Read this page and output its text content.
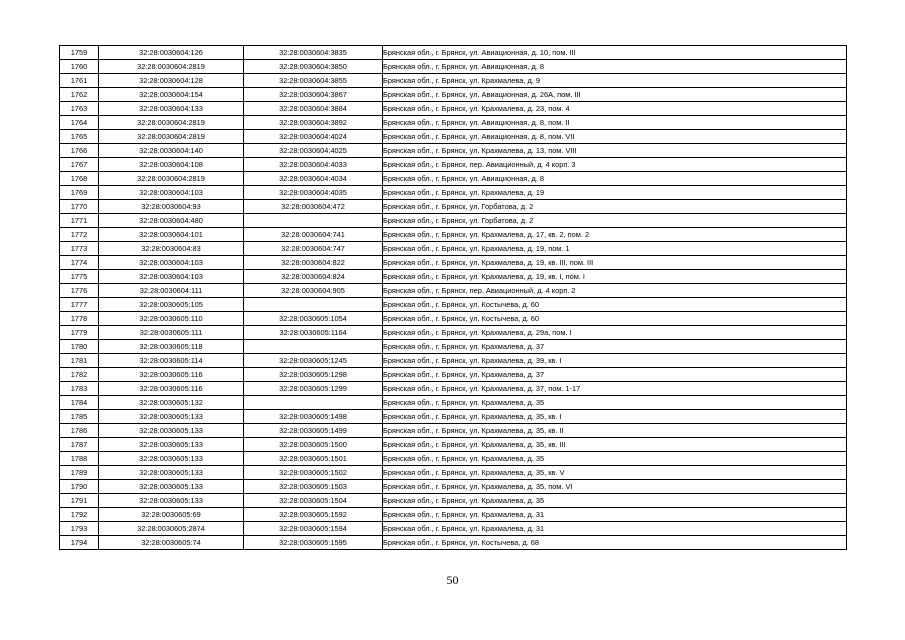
1759	32:28:0030604:126	32:28:0030604:3835	Брянская обл., г. Брянск, ул. Авиационная, д. 10, пом. III
1760	32:28:0030604:2819	32:28:0030604:3850	Брянская обл., г. Брянск, ул. Авиационная, д. 8
1761	32:28:0030604:128	32:28:0030604:3855	Брянская обл., г. Брянск, ул. Крахмалева, д. 9
1762	32:28:0030604:154	32:28:0030604:3867	Брянская обл., г. Брянск, ул. Авиационная, д. 26А, пом. III
1763	32:28:0030604:133	32:28:0030604:3884	Брянская обл., г. Брянск, ул. Крахмалева, д. 23, пом. 4
1764	32:28:0030604:2819	32:28:0030604:3892	Брянская обл., г. Брянск, ул. Авиационная, д. 8, пом. II
1765	32:28:0030604:2819	32:28:0030604:4024	Брянская обл., г. Брянск, ул. Авиационная, д. 8, пом. VII
1766	32:28:0030604:140	32:28:0030604:4025	Брянская обл., г. Брянск, ул. Крахмалева, д. 13, пом. VIII
1767	32:28:0030604:108	32:28:0030604:4033	Брянская обл., г. Брянск, пер. Авиационный, д. 4 корп. 3
1768	32:28:0030604:2819	32:28:0030604:4034	Брянская обл., г. Брянск, ул. Авиационная, д. 8
1769	32:28:0030604:103	32:28:0030604:4035	Брянская обл., г. Брянск, ул. Крахмалева, д. 19
1770	32:28:0030604:93	32:28:0030604:472	Брянская обл., г. Брянск, ул. Горбатова, д. 2
1771	32:28:0030604:480		Брянская обл., г. Брянск, ул. Горбатова, д. 2
1772	32:28:0030604:101	32:28:0030604:741	Брянская обл., г. Брянск, ул. Крахмалева, д. 17, кв. 2, пом. 2
1773	32:28:0030604:83	32:28:0030604:747	Брянская обл., г. Брянск, ул. Крахмалева, д. 19, пом. 1
1774	32:28:0030604:103	32:28:0030604:822	Брянская обл., г. Брянск, ул. Крахмалева, д. 19, кв. III, пом. III
1775	32:28:0030604:103	32:28:0030604:824	Брянская обл., г. Брянск, ул. Крахмалева, д. 19, кв. I, пом. I
1776	32:28:0030604:111	32:28:0030604:905	Брянская обл., г. Брянск, пер. Авиационный, д. 4 корп. 2
1777	32:28:0030605:105		Брянская обл., г. Брянск, ул. Костычева, д. 60
1778	32:28:0030605:110	32:28:0030605:1054	Брянская обл., г. Брянск, ул. Костычева, д. 60
1779	32:28:0030605:111	32:28:0030605:1164	Брянская обл., г. Брянск, ул. Крахмалева, д. 29а, пом. I
1780	32:28:0030605:118		Брянская обл., г. Брянск, ул. Крахмалева, д. 37
1781	32:28:0030605:114	32:28:0030605:1245	Брянская обл., г. Брянск, ул. Крахмалева, д. 39, кв. I
1782	32:28:0030605:116	32:28:0030605:1298	Брянская обл., г. Брянск, ул. Крахмалева, д. 37
1783	32:28:0030605:116	32:28:0030605:1299	Брянская обл., г. Брянск, ул. Крахмалева, д. 37, пом. 1-17
1784	32:28:0030605:132		Брянская обл., г. Брянск, ул. Крахмалева, д. 35
1785	32:28:0030605:133	32:28:0030605:1498	Брянская обл., г. Брянск, ул. Крахмалева, д. 35, кв. I
1786	32:28:0030605:133	32:28:0030605:1499	Брянская обл., г. Брянск, ул. Крахмалева, д. 35, кв. II
1787	32:28:0030605:133	32:28:0030605:1500	Брянская обл., г. Брянск, ул. Крахмалева, д. 35, кв. III
1788	32:28:0030605:133	32:28:0030605:1501	Брянская обл., г. Брянск, ул. Крахмалева, д. 35
1789	32:28:0030605:133	32:28:0030605:1502	Брянская обл., г. Брянск, ул. Крахмалева, д. 35, кв. V
1790	32:28:0030605:133	32:28:0030605:1503	Брянская обл., г. Брянск, ул. Крахмалева, д. 35, пом. VI
1791	32:28:0030605:133	32:28:0030605:1504	Брянская обл., г. Брянск, ул. Крахмалева, д. 35
1792	32:28:0030605:69	32:28:0030605:1592	Брянская обл., г. Брянск, ул. Крахмалева, д. 31
1793	32:28:0030605:2874	32:28:0030605:1594	Брянская обл., г. Брянск, ул. Крахмалева, д. 31
1794	32:28:0030605:74	32:28:0030605:1595	Брянская обл., г. Брянск, ул. Костычева, д. 68
50
